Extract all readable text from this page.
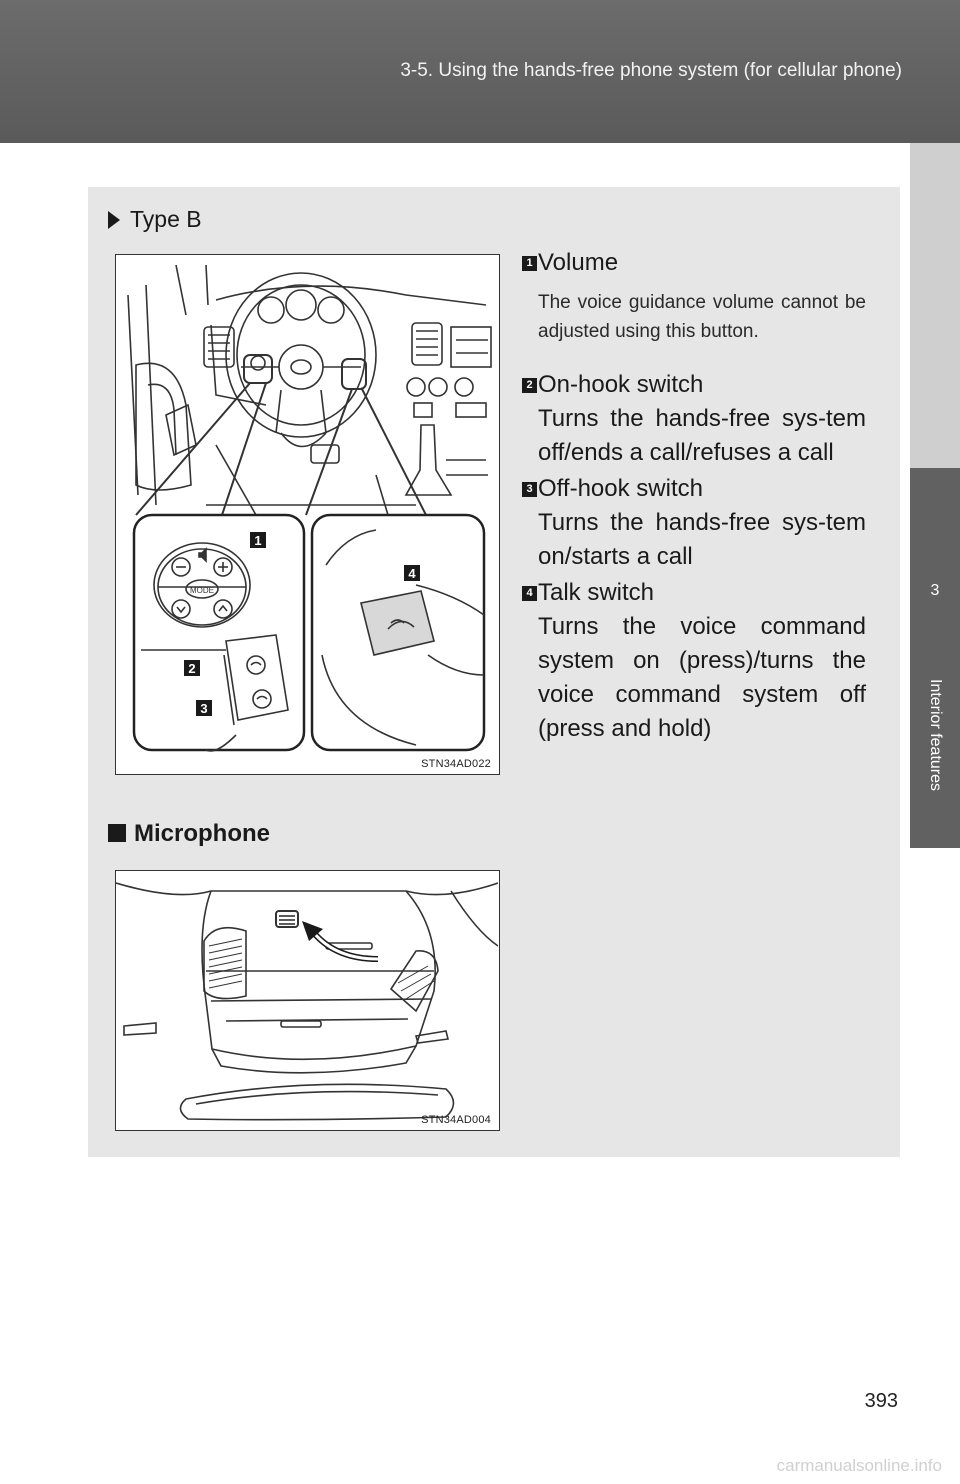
3-5. Using the hands-free phone system (for cellular phone)
3
Interior features
Type B
1
2
3
4
MODE
STN34AD022
1 Volume
The voice guidance volume cannot be adjusted using this button.
2 On-hook switch
Turns the hands-free sys-tem off/ends a call/refuses a call
3 Off-hook switch
Turns the hands-free sys-tem on/starts a call
4 Talk switch
Turns the voice command system on (press)/turns the voice command system off (press and hold)
Microphone
STN34AD004
393
carmanualsonline.info
